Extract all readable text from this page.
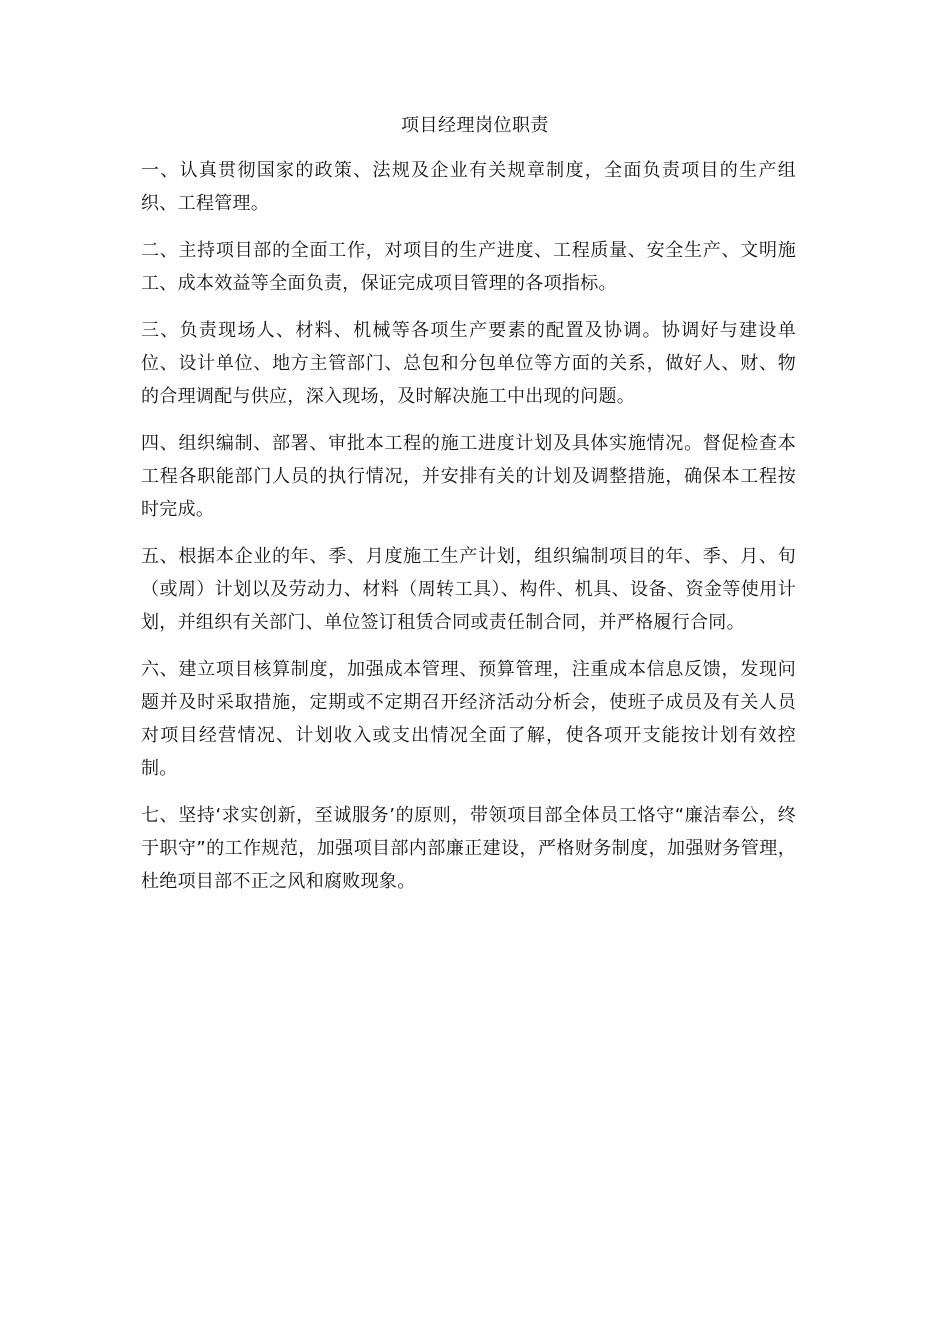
项目经理岗位职责

一、认真贯彻国家的政策、法规及企业有关规章制度，全面负责项目的生产组织、工程管理。

二、主持项目部的全面工作，对项目的生产进度、工程质量、安全生产、文明施工、成本效益等全面负责，保证完成项目管理的各项指标。

三、负责现场人、材料、机械等各项生产要素的配置及协调。协调好与建设单位、设计单位、地方主管部门、总包和分包单位等方面的关系，做好人、财、物的合理调配与供应，深入现场，及时解决施工中出现的问题。

四、组织编制、部署、审批本工程的施工进度计划及具体实施情况。督促检查本工程各职能部门人员的执行情况，并安排有关的计划及调整措施，确保本工程按时完成。

五、根据本企业的年、季、月度施工生产计划，组织编制项目的年、季、月、旬（或周）计划以及劳动力、材料（周转工具）、构件、机具、设备、资金等使用计划，并组织有关部门、单位签订租赁合同或责任制合同，并严格履行合同。

六、建立项目核算制度，加强成本管理、预算管理，注重成本信息反馈，发现问题并及时采取措施，定期或不定期召开经济活动分析会，使班子成员及有关人员对项目经营情况、计划收入或支出情况全面了解，使各项开支能按计划有效控制。

七、坚持‘求实创新，至诚服务’的原则，带领项目部全体员工恪守“廉洁奉公，终于职守”的工作规范，加强项目部内部廉正建设，严格财务制度，加强财务管理，杜绝项目部不正之风和腐败现象。
